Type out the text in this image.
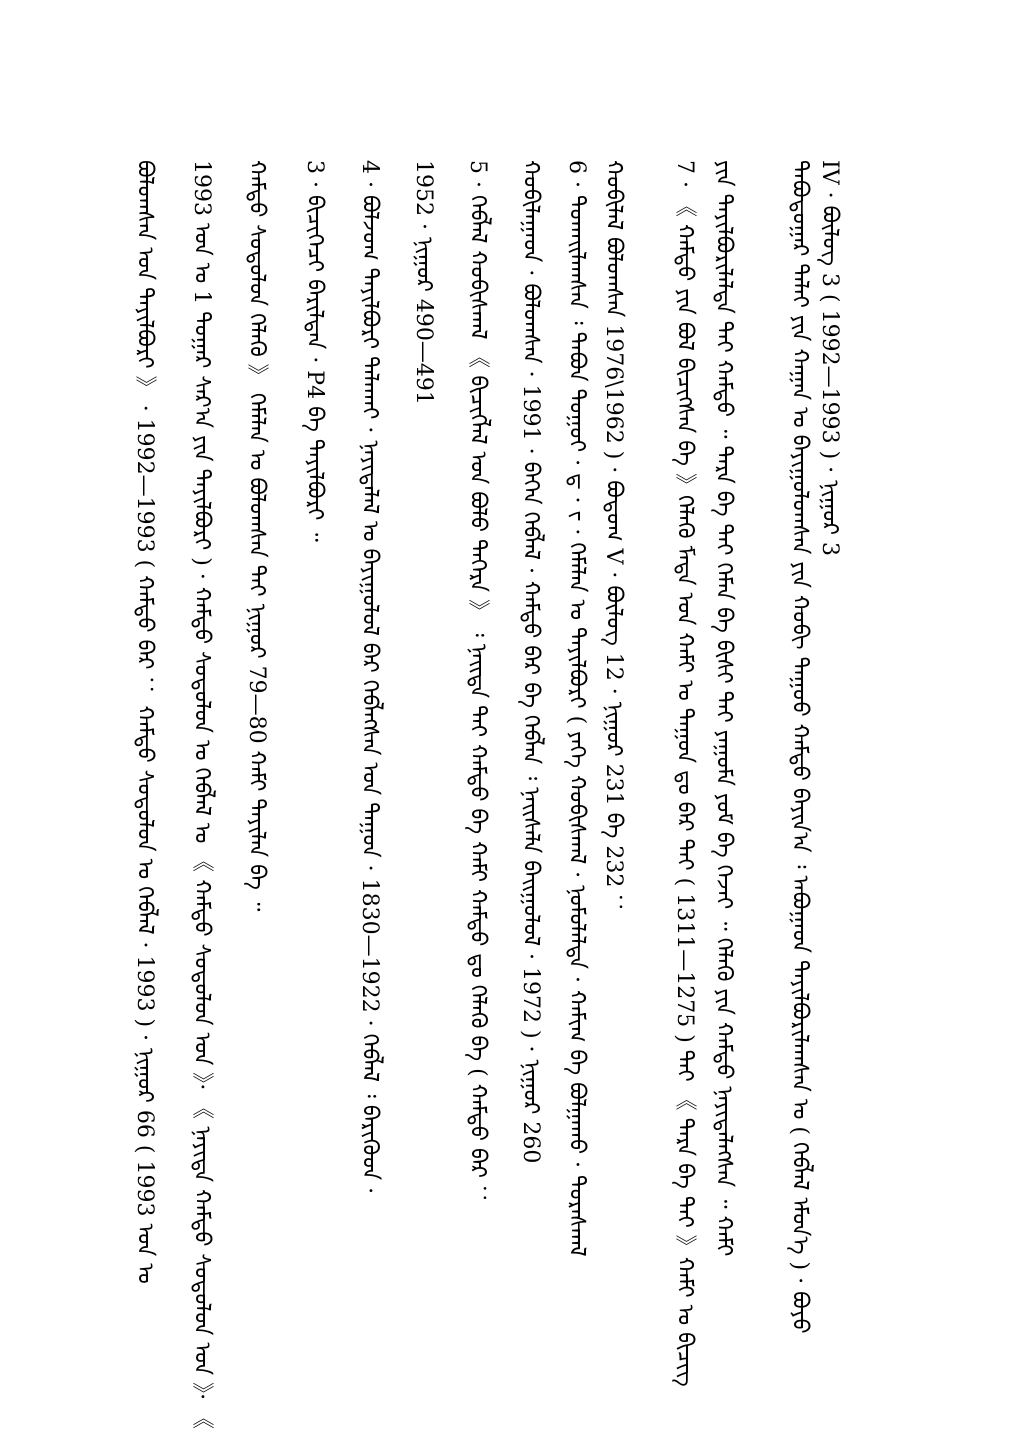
IV · ᠪᠦᠯᠦᠭ 3 ( 1992—1993 ) · ᠨᠢᠭᠤᠷ 3
ᠲᠠᠪᠤᠳᠤᠭᠠᠷ ᠳᠠᠯᠠᠢ ᠶᠢᠨ ᠬᠠᠭᠠᠨ ᠤ ᠪᠠᠶᠢᠭᠤᠯᠤᠭᠰᠠᠨ ᠶᠢᠨ ᠬᠤᠪᠢ ᠳᠠᠭᠤᠤ ᠬᠠᠮᠲᠤ ᠪᠠᠶᠢᠨ᠎ᠠ ᠄ ᠠᠪᠤᠭᠠᠳ ᠲᠠᠶᠢᠯᠪᠤᠷᠢᠯᠠᠭᠰᠠᠨ ᠤ ( ᠬᠡᠪᠯᠡᠯ ᠡᠮᠦᠨ᠎ᠡ ) · ᠪᠤᠶᠤ
ᠶᠢᠨ ᠲᠠᠶᠢᠯᠪᠤᠷᠢᠯᠠᠯᠲᠠ ᠲᠠᠢ ᠬᠠᠮᠲᠤ ᠃ ᠲᠡᠷᠡ ᠪᠡ ᠲᠠᠢ ᠬᠡᠮᠡᠨ ᠪᠡ ᠪᠢᠰᠢ ᠲᠠᠢ ᠶᠠᠭᠤᠮᠠ ᠶᠤᠮ ᠪᠡ ᠭᠡᠵᠡᠢ ᠃ ᠬᠡᠯᠡᠬᠦ ᠶᠢᠨ ᠬᠠᠮᠲᠤ ᠨᠡᠶᠢᠲᠡᠯᠡᠭᠰᠡᠨ ᠃ ᠬᠠᠮᠢ
7 · 《 ᠬᠠᠮᠲᠤ ᠶᠢᠨ ᠪᠤᠯ ᠪᠢᠴᠢᠭᠰᠡᠨ ᠪᠡ 》ᠬᠡᠯᠡᠬᠦ ᠮᠡᠳᠡ ᠣᠨ ᠬᠠᠮᠢ ᠤ ᠳᠠᠭᠤᠨ ᠳᠤ ᠪᠡᠷ ᠲᠠᠢ ( 1311—1275 ) ᠲᠠᠢ 《 ᠲᠡᠷᠡ ᠪᠡ ᠲᠠᠢ 》ᠬᠠᠮᠢ ᠤ ᠪᠢᠴᠢᠭ
ᠬᠤᠪᠢᠯᠠᠯ ᠪᠤᠯᠤᠭᠰᠠᠨ 1976\1962 ) · ᠪᠤᠳᠤᠭ V · ᠪᠦᠯᠦᠭ 12 · ᠨᠢᠭᠤᠷ 231 ᠪᠠ 232 ：
6 · ᠲᠤᠬᠠᠢᠯᠠᠭᠰᠠᠨ ᠄ ᠲᠠᠪᠤᠨ ᠳᠤᠭᠤᠢ · ᠳ · ᠵ · ᠬᠡᠮᠡᠯᠡᠨ ᠤ ᠲᠠᠶᠢᠯᠪᠤᠷᠢ ( ᠶᠡᠬᠡ ᠬᠤᠪᠢᠰᠬᠠᠯ · ᠨᠣᠮᠤᠯᠠᠯᠲᠠ · ᠬᠠᠮᠢᠭ ᠪᠠ ᠪᠣᠯᠭᠠᠬᠤ · ᠳᠤᠷᠠᠰᠬᠠᠯ
ᠬᠤᠪᠢᠯᠠᠭᠠᠳ · ᠪᠤᠯᠤᠭᠰᠠᠨ · 1991 · ᠪᠡᠭᠡᠨ ᠬᠡᠪᠯᠡᠯ · ᠬᠠᠮᠲᠤ ᠪᠡᠷ ᠪᠠ ᠬᠡᠪᠯᠡᠨ ᠄ ᠨᠡᠢᠰᠡᠯᠡ ᠪᠠᠢᠭᠤᠯᠤᠯ · 1972 ) · ᠨᠢᠭᠤᠷ 260
5 · ᠬᠡᠪᠯᠡᠯ ᠬᠤᠪᠢᠰᠬᠠᠯ 《 ᠪᠢᠴᠢᠭᠯᠡᠯ ᠤᠨ ᠪᠤᠯᠤ ᠳᠡᠭᠡᠷᠡ 》 ᠄ ᠨᠡᠢᠳᠡ ᠲᠠᠢ ᠬᠠᠮᠲᠤ ᠪᠠ ᠬᠠᠮᠢ ᠬᠠᠮᠲᠤ ᠳᠤ ᠬᠡᠯᠡᠬᠦ ᠪᠡ ( ᠬᠠᠮᠲᠤ ᠪᠡᠷ ：
1952 · ᠨᠢᠭᠤᠷ 490—491
4 · ᠪᠤᠯᠵᠤᠭ ᠲᠠᠶᠢᠯᠪᠤᠷᠢ ᠲᠠᠯᠠᠬᠠᠢ · ᠨᠡᠶᠢᠲᠡᠯᠡᠯ ᠤ ᠪᠠᠶᠢᠭᠤᠯᠤᠯ ᠪᠠᠷ ᠬᠡᠪᠯᠡᠭᠰᠡᠨ ᠤᠨ ᠳᠠᠭᠤᠨ · 1830—1922 · ᠬᠡᠪᠯᠡᠯ ᠄ ᠪᠡᠷᠢᠭᠦᠳ ·
3 · ᠪᠢᠴᠢᠭᠡᠴᠢ ᠪᠠᠷᠢᠯᠲᠠᠨ · P4 ᠪᠠ ᠲᠠᠶᠢᠯᠪᠤᠷᠢ ᠃
ᠬᠠᠮᠲᠤ ᠰᠤᠳᠤᠯᠤᠨ ᠬᠡᠯᠡᠬᠦ 》 ᠬᠡᠮᠡᠯᠡᠨ ᠤ ᠪᠤᠯᠤᠭᠰᠠᠨ ᠲᠠᠢ ᠨᠢᠭᠤᠷ 79—80 ᠬᠠᠮᠢ ᠲᠠᠶᠢᠯᠠᠨ ᠪᠠ ᠃
1993 ᠣᠨ ᠤ 1 ᠳᠤᠭᠠᠷ ᠰᠠᠷ᠎ᠠ ᠶᠢᠨ ᠲᠠᠶᠢᠯᠪᠤᠷᠢ ) · ᠬᠠᠮᠲᠤ ᠰᠤᠳᠤᠯᠤᠨ ᠤ ᠬᠡᠪᠯᠡᠯ ᠤ 《 ᠬᠠᠮᠲᠤ ᠰᠤᠳᠤᠯᠤᠨ ᠣᠨ 》· 《 ᠨᠡᠶᠢᠲᠡ ᠬᠠᠮᠲᠤ ᠰᠤᠳᠤᠯᠤᠨ ᠣᠨ 》· 《
ᠪᠤᠯᠤᠭᠰᠠᠨ ᠤᠨ ᠲᠠᠶᠢᠯᠪᠤᠷᠢ 》 · 1992—1993 ( ᠬᠠᠮᠲᠤ ᠪᠡᠷ ： ᠬᠠᠮᠲᠤ ᠰᠤᠳᠤᠯᠤᠨ ᠤ ᠬᠡᠪᠯᠡᠯ · 1993 ) · ᠨᠢᠭᠤᠷ 66 ( 1993 ᠣᠨ ᠤ
